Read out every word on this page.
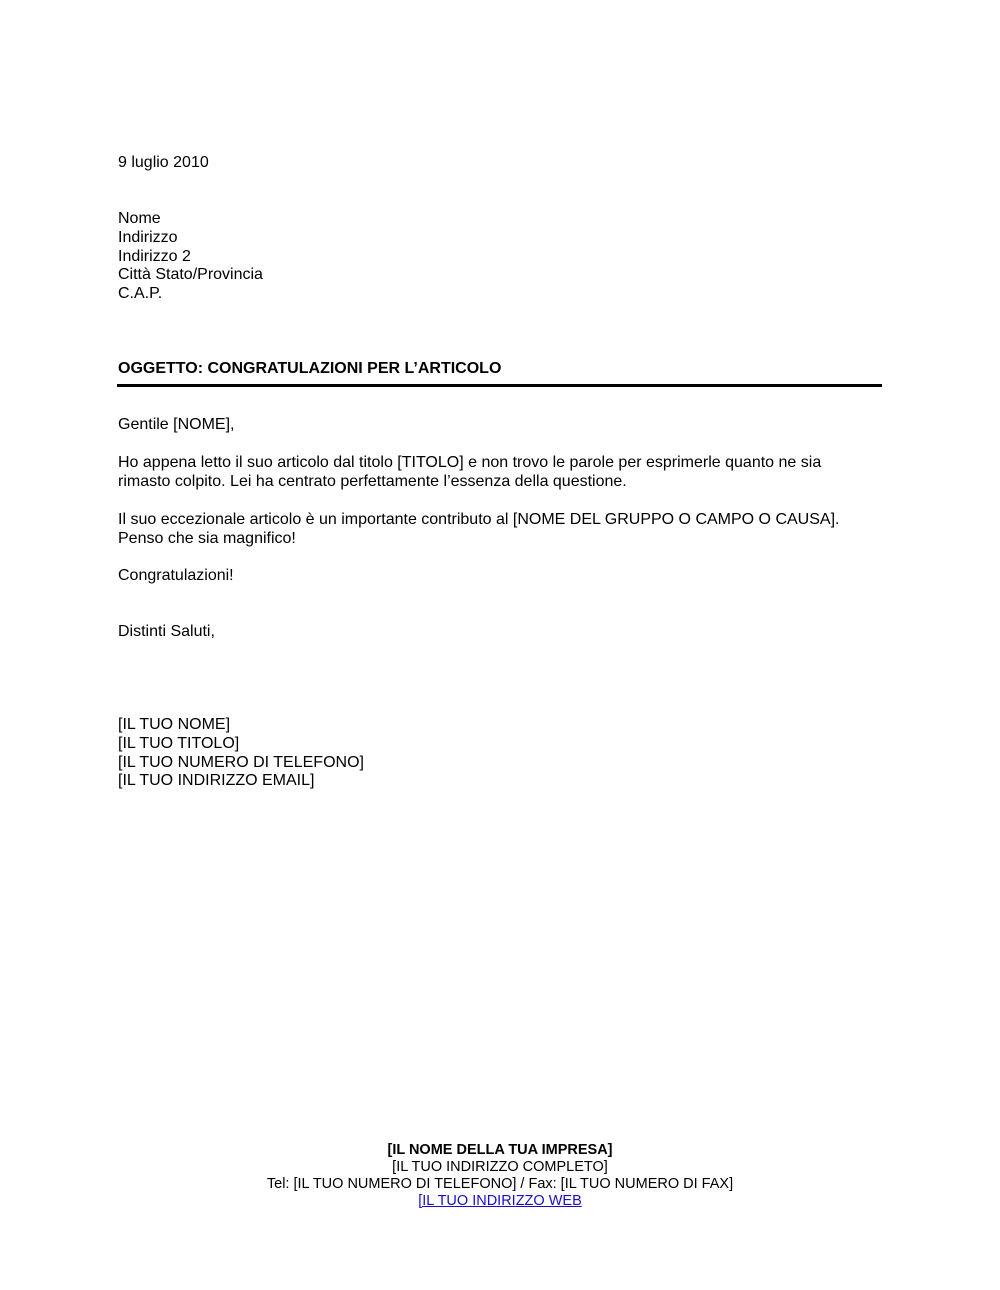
9 luglio 2010
Nome
Indirizzo
Indirizzo 2
Città Stato/Provincia
C.A.P.
OGGETTO: CONGRATULAZIONI PER L’ARTICOLO
Gentile [NOME],
Ho appena letto il suo articolo dal titolo [TITOLO] e non trovo le parole per esprimerle quanto ne sia
rimasto colpito. Lei ha centrato perfettamente l’essenza della questione.
Il suo eccezionale articolo è un importante contributo al [NOME DEL GRUPPO O CAMPO O CAUSA].
Penso che sia magnifico!
Congratulazioni!
Distinti Saluti,
[IL TUO NOME]
[IL TUO TITOLO]
[IL TUO NUMERO DI TELEFONO]
[IL TUO INDIRIZZO EMAIL]
[IL NOME DELLA TUA IMPRESA]
[IL TUO INDIRIZZO COMPLETO]
Tel: [IL TUO NUMERO DI TELEFONO] / Fax: [IL TUO NUMERO DI FAX]
[IL TUO INDIRIZZO WEB
